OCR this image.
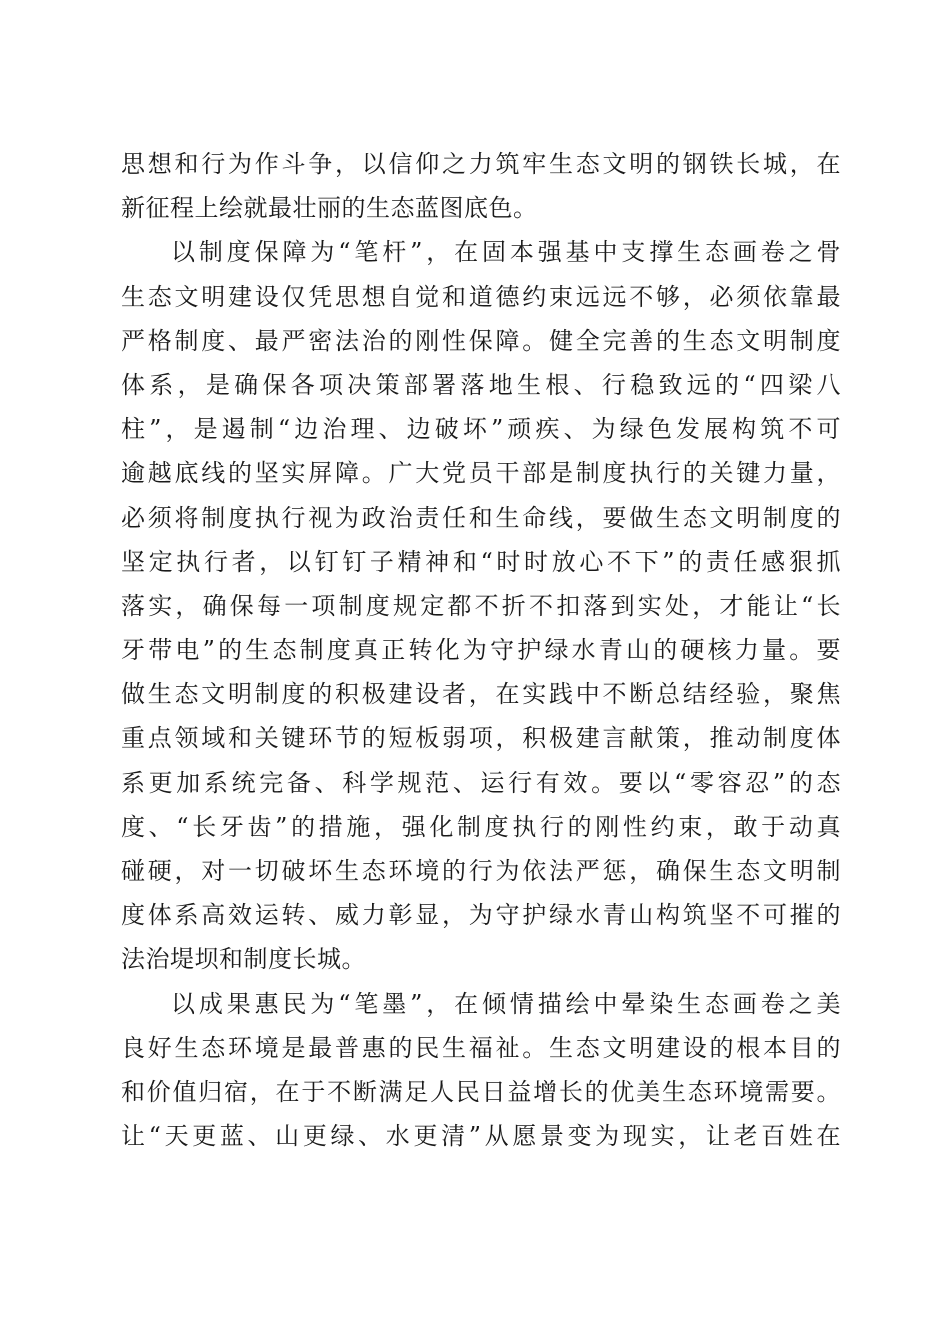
思想和行为作斗争，以信仰之力筑牢生态文明的钢铁长城，在
新征程上绘就最壮丽的生态蓝图底色。
以制度保障为“笔杆”，在固本强基中支撑生态画卷之骨
生态文明建设仅凭思想自觉和道德约束远远不够，必须依靠最
严格制度、最严密法治的刚性保障。健全完善的生态文明制度
体系，是确保各项决策部署落地生根、行稳致远的“四梁八
柱”，是遏制“边治理、边破坏”顽疾、为绿色发展构筑不可
逾越底线的坚实屏障。广大党员干部是制度执行的关键力量，
必须将制度执行视为政治责任和生命线，要做生态文明制度的
坚定执行者，以钉钉子精神和“时时放心不下”的责任感狠抓
落实，确保每一项制度规定都不折不扣落到实处，才能让“长
牙带电”的生态制度真正转化为守护绿水青山的硬核力量。要
做生态文明制度的积极建设者，在实践中不断总结经验，聚焦
重点领域和关键环节的短板弱项，积极建言献策，推动制度体
系更加系统完备、科学规范、运行有效。要以“零容忍”的态
度、“长牙齿”的措施，强化制度执行的刚性约束，敢于动真
碰硬，对一切破坏生态环境的行为依法严惩，确保生态文明制
度体系高效运转、威力彰显，为守护绿水青山构筑坚不可摧的
法治堤坝和制度长城。
以成果惠民为“笔墨”，在倾情描绘中晕染生态画卷之美
良好生态环境是最普惠的民生福祉。生态文明建设的根本目的
和价值归宿，在于不断满足人民日益增长的优美生态环境需要。
让“天更蓝、山更绿、水更清”从愿景变为现实，让老百姓在
